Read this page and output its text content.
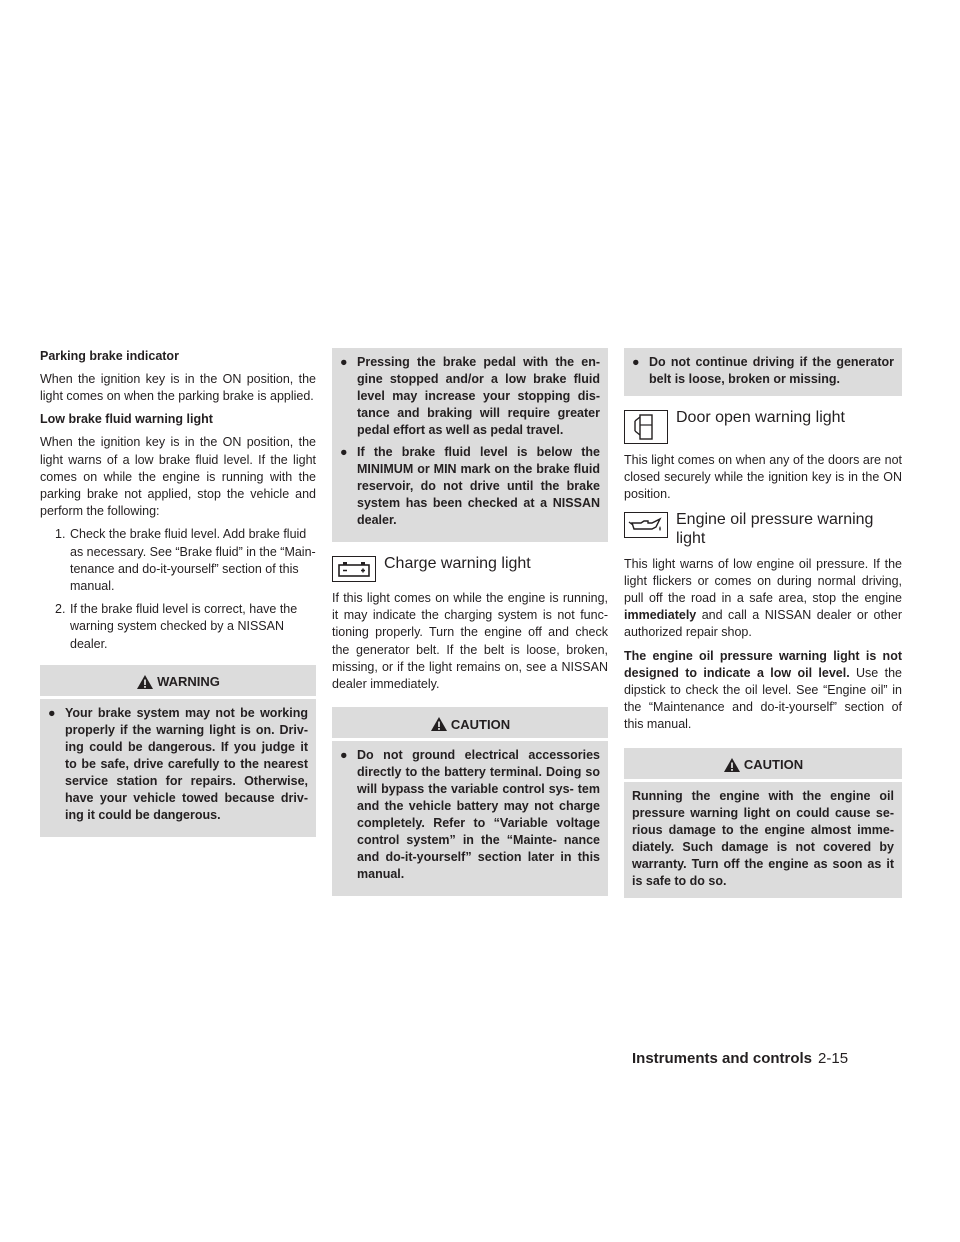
Parking brake indicator

When the ignition key is in the ON position, the light comes on when the parking brake is applied.

Low brake fluid warning light

When the ignition key is in the ON position, the light warns of a low brake fluid level. If the light comes on while the engine is running with the parking brake not applied, stop the vehicle and perform the following:

1. Check the brake fluid level. Add brake fluid as necessary. See “Brake fluid” in the “Main- tenance and do-it-yourself” section of this manual.
2. If the brake fluid level is correct, have the warning system checked by a NISSAN dealer.
WARNING
● Your brake system may not be working properly if the warning light is on. Driv- ing could be dangerous. If you judge it to be safe, drive carefully to the nearest service station for repairs. Otherwise, have your vehicle towed because driv- ing it could be dangerous.
● Pressing the brake pedal with the en- gine stopped and/or a low brake fluid level may increase your stopping dis- tance and braking will require greater pedal effort as well as pedal travel.
● If the brake fluid level is below the MINIMUM or MIN mark on the brake fluid reservoir, do not drive until the brake system has been checked at a NISSAN dealer.
Charge warning light

If this light comes on while the engine is running, it may indicate the charging system is not func- tioning properly. Turn the engine off and check the generator belt. If the belt is loose, broken, missing, or if the light remains on, see a NISSAN dealer immediately.

CAUTION
● Do not ground electrical accessories directly to the battery terminal. Doing so will bypass the variable control sys- tem and the vehicle battery may not charge completely. Refer to “Variable voltage control system” in the “Mainte- nance and do-it-yourself” section later in this manual.
● Do not continue driving if the generator belt is loose, broken or missing.
Door open warning light

This light comes on when any of the doors are not closed securely while the ignition key is in the ON position.

Engine oil pressure warning
light

This light warns of low engine oil pressure. If the light flickers or comes on during normal driving, pull off the road in a safe area, stop the engine immediately and call a NISSAN dealer or other authorized repair shop.

The engine oil pressure warning light is not designed to indicate a low oil level. Use the dipstick to check the oil level. See “Engine oil” in the “Maintenance and do-it-yourself” section of this manual.

CAUTION

Running the engine with the engine oil pressure warning light on could cause se- rious damage to the engine almost imme- diately. Such damage is not covered by warranty. Turn off the engine as soon as it is safe to do so.

Instruments and controls 2-15
